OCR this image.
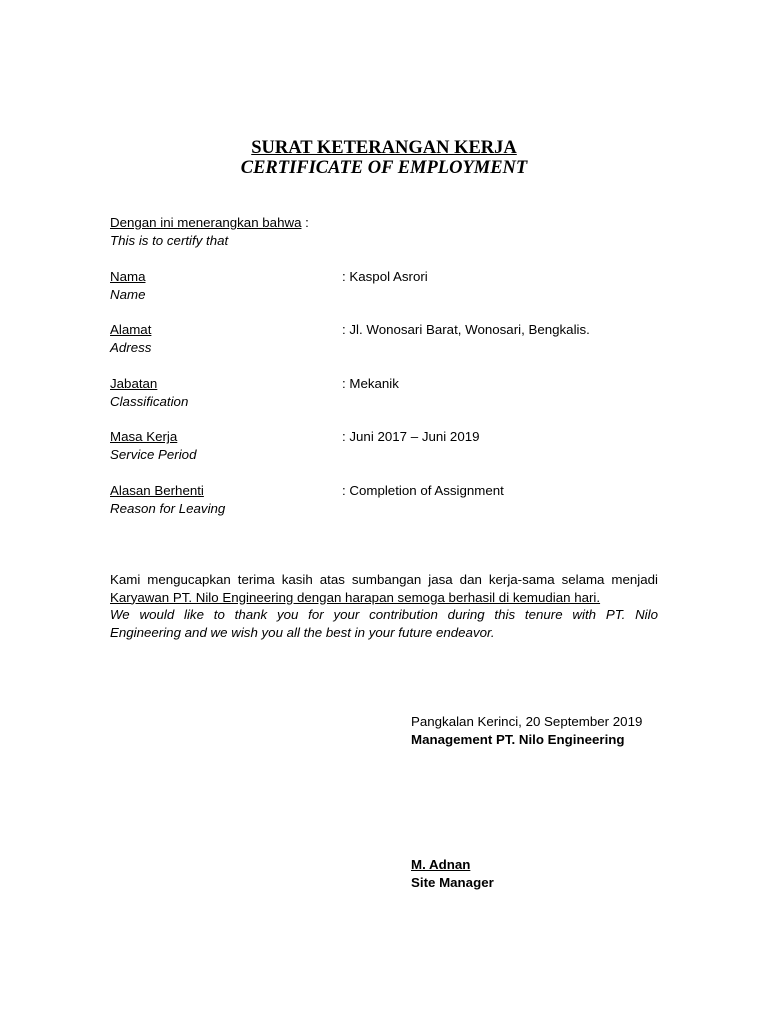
SURAT KETERANGAN KERJA
CERTIFICATE OF EMPLOYMENT
Dengan ini menerangkan bahwa :
This is to certify that
Nama
Name
: Kaspol Asrori
Alamat
Adress
: Jl. Wonosari Barat, Wonosari, Bengkalis.
Jabatan
Classification
: Mekanik
Masa Kerja
Service Period
: Juni 2017 – Juni 2019
Alasan Berhenti
Reason for Leaving
: Completion of Assignment
Kami mengucapkan terima kasih atas sumbangan jasa dan kerja-sama selama menjadi
Karyawan PT. Nilo Engineering dengan harapan semoga berhasil di kemudian hari.
We would like to thank you for your contribution during this tenure with PT. Nilo
Engineering and we wish you all the best in your future endeavor.
Pangkalan Kerinci, 20 September 2019
Management PT. Nilo Engineering
M. Adnan
Site Manager
